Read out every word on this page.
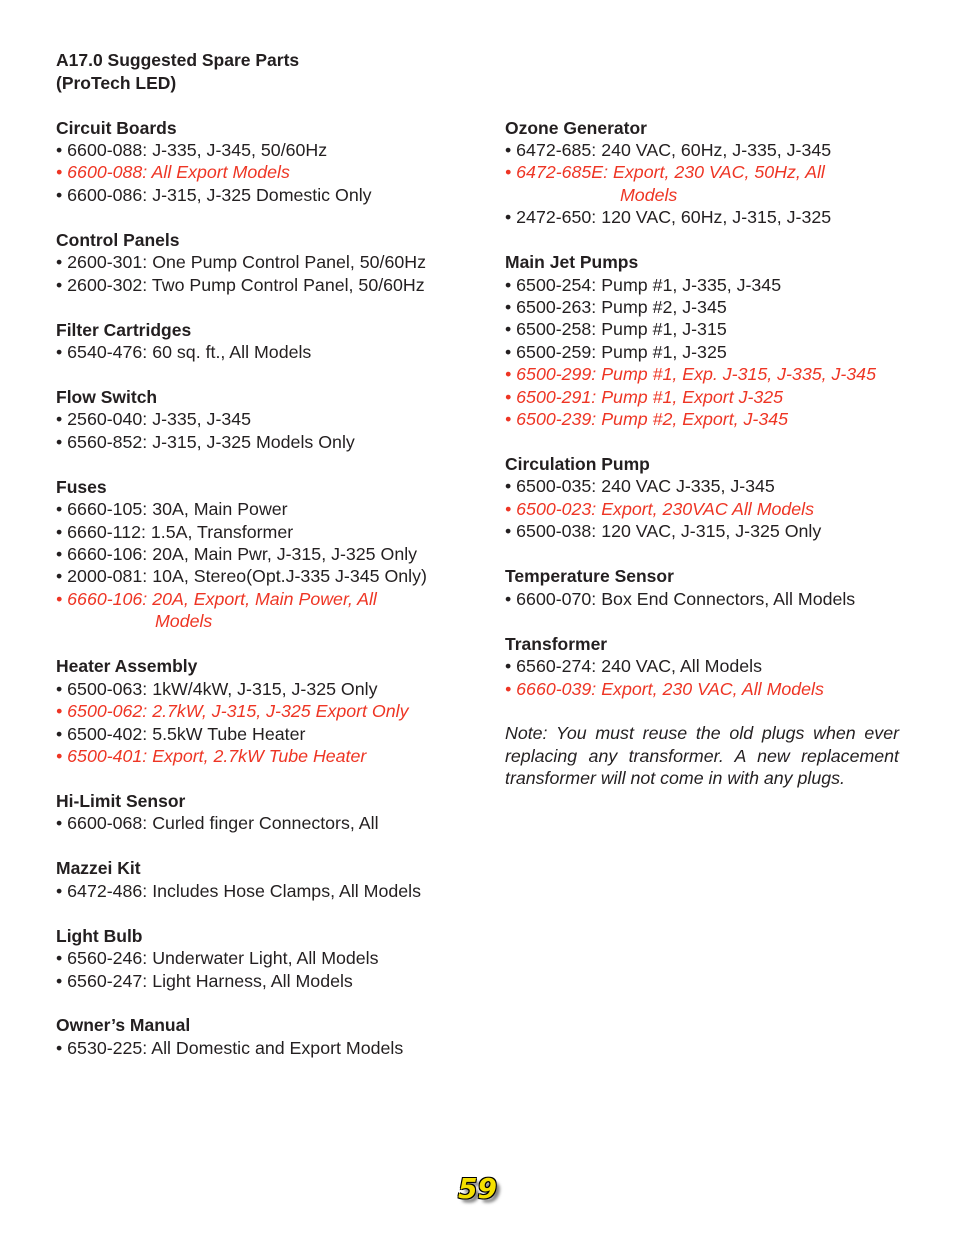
A17.0 Suggested Spare Parts

(ProTech LED)

Circuit Boards

• 6600-088: J-335, J-345, 50/60Hz

• 6600-088: All Export Models

• 6600-086: J-315, J-325 Domestic Only

Control Panels

• 2600-301: One Pump Control Panel, 50/60Hz

• 2600-302: Two Pump Control Panel, 50/60Hz

Filter Cartridges

• 6540-476: 60 sq. ft., All Models

Flow Switch

• 2560-040: J-335, J-345

• 6560-852: J-315, J-325 Models Only

Fuses

• 6660-105: 30A, Main Power

• 6660-112: 1.5A, Transformer

• 6660-106: 20A, Main Pwr, J-315, J-325 Only

• 2000-081: 10A, Stereo(Opt.J-335 J-345 Only)

• 6660-106: 20A, Export, Main Power, All
Models

Heater Assembly

• 6500-063: 1kW/4kW, J-315, J-325 Only

• 6500-062: 2.7kW, J-315, J-325 Export Only

• 6500-402: 5.5kW Tube Heater

• 6500-401: Export, 2.7kW Tube Heater

Hi-Limit Sensor

• 6600-068: Curled finger Connectors, All

Mazzei Kit

• 6472-486: Includes Hose Clamps, All Models

Light Bulb

• 6560-246: Underwater Light, All Models

• 6560-247: Light Harness, All Models

Owner’s Manual

• 6530-225: All Domestic and Export Models

Ozone Generator

• 6472-685: 240 VAC, 60Hz, J-335, J-345

• 6472-685E: Export, 230 VAC, 50Hz, All
Models

• 2472-650: 120 VAC, 60Hz, J-315, J-325

Main Jet Pumps

• 6500-254: Pump #1, J-335, J-345

• 6500-263: Pump #2, J-345

• 6500-258: Pump #1, J-315

• 6500-259: Pump #1, J-325

• 6500-299: Pump #1, Exp. J-315, J-335, J-345

• 6500-291: Pump #1, Export J-325

• 6500-239: Pump #2, Export, J-345

Circulation Pump

• 6500-035: 240 VAC J-335, J-345

• 6500-023: Export, 230VAC All Models

• 6500-038: 120 VAC, J-315, J-325 Only

Temperature Sensor

• 6600-070: Box End Connectors, All Models

Transformer

• 6560-274: 240 VAC, All Models

• 6660-039: Export, 230 VAC, All Models

Note: You must reuse the old plugs when ever replacing any transformer. A new replacement transformer will not come in with any plugs.

59
